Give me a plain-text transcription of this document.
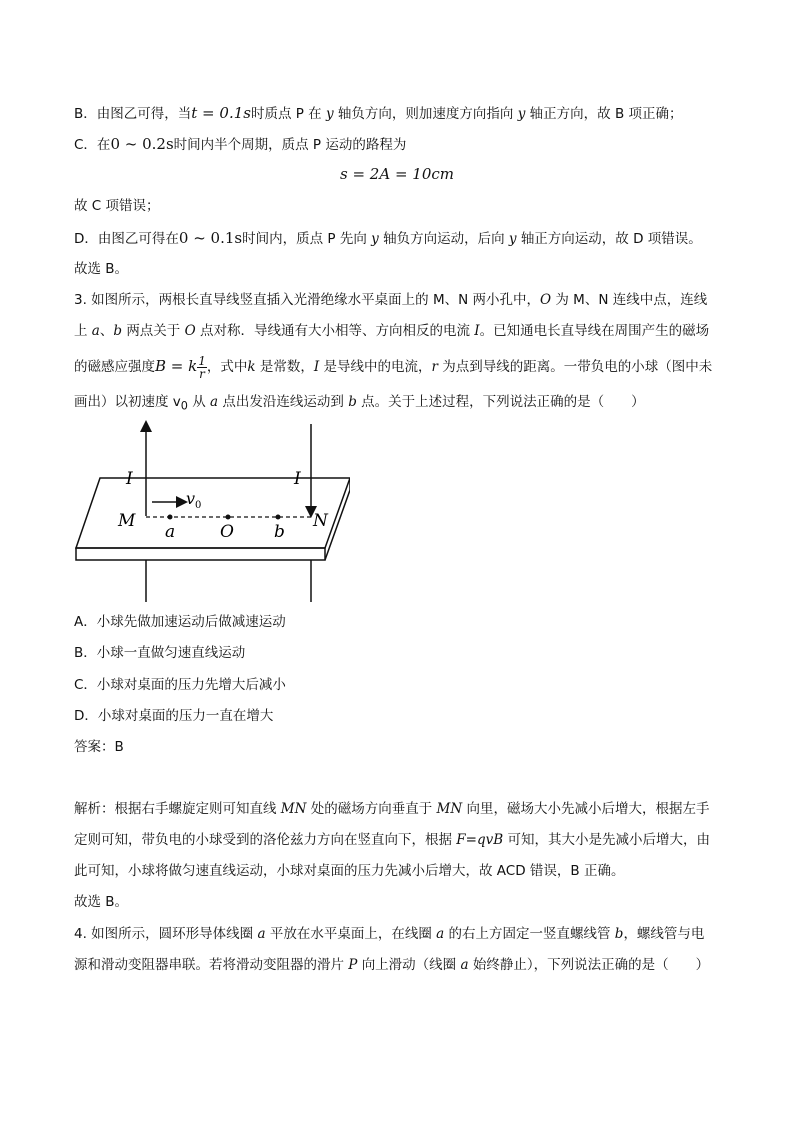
B．由图乙可得，当t = 0.1s时质点 P 在 y 轴负方向，则加速度方向指向 y 轴正方向，故 B 项正确；
C．在0 ~ 0.2s时间内半个周期，质点 P 运动的路程为
s = 2A = 10cm
故 C 项错误；
D．由图乙可得在0 ~ 0.1s时间内，质点 P 先向 y 轴负方向运动，后向 y 轴正方向运动，故 D 项错误。
故选 B。
3. 如图所示，两根长直导线竖直插入光滑绝缘水平桌面上的 M、N 两小孔中，O 为 M、N 连线中点，连线
上 a、b 两点关于 O 点对称．导线通有大小相等、方向相反的电流 I。已知通电长直导线在周围产生的磁场
的磁感应强度B = k $\frac{1}{r}$ ，式中k 是常数，I 是导线中的电流，r 为点到导线的距离。一带负电的小球（图中未
画出）以初速度 $v_0$ 从 a 点出发沿连线运动到 b 点。关于上述过程，下列说法正确的是（　　）
I	I
v 0
M	N
a	O b
A．小球先做加速运动后做减速运动
B．小球一直做匀速直线运动
C．小球对桌面的压力先增大后减小
D．小球对桌面的压力一直在增大
答案：B
解析：根据右手螺旋定则可知直线 MN 处的磁场方向垂直于 MN 向里，磁场大小先减小后增大，根据左手
定则可知，带负电的小球受到的洛伦兹力方向在竖直向下，根据 F=qvB 可知，其大小是先减小后增大，由
此可知，小球将做匀速直线运动，小球对桌面的压力先减小后增大，故 ACD 错误，B 正确。
故选 B。
4. 如图所示，圆环形导体线圈 a 平放在水平桌面上，在线圈 a 的右上方固定一竖直螺线管 b，螺线管与电
源和滑动变阻器串联。若将滑动变阻器的滑片 P 向上滑动（线圈 a 始终静止），下列说法正确的是（　　）
